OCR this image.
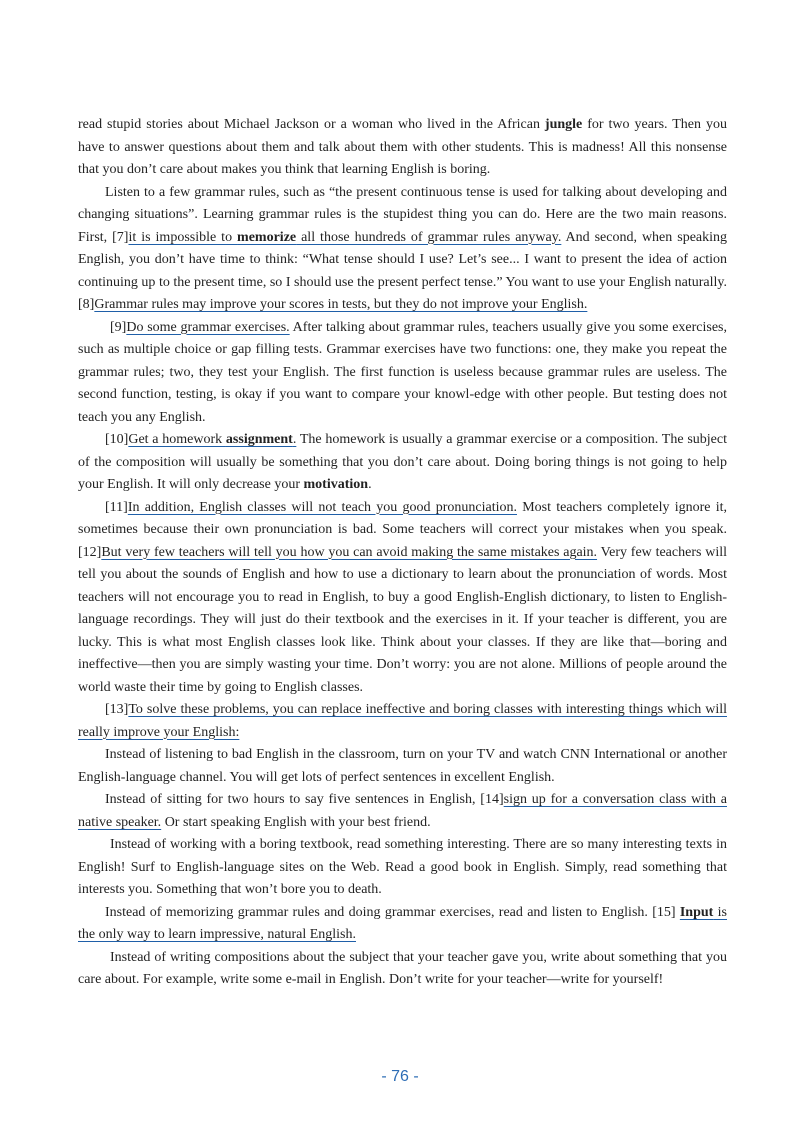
read stupid stories about Michael Jackson or a woman who lived in the African jungle for two years. Then you have to answer questions about them and talk about them with other students. This is madness! All this nonsense that you don’t care about makes you think that learning English is boring.

Listen to a few grammar rules, such as “the present continuous tense is used for talking about developing and changing situations”. Learning grammar rules is the stupidest thing you can do. Here are the two main reasons. First, [7]it is impossible to memorize all those hundreds of grammar rules anyway. And second, when speaking English, you don’t have time to think: “What tense should I use? Let’s see... I want to present the idea of action continuing up to the present time, so I should use the present perfect tense.” You want to use your English naturally. [8]Grammar rules may improve your scores in tests, but they do not improve your English.

[9]Do some grammar exercises. After talking about grammar rules, teachers usually give you some exercises, such as multiple choice or gap filling tests. Grammar exercises have two functions: one, they make you repeat the grammar rules; two, they test your English. The first function is useless because grammar rules are useless. The second function, testing, is okay if you want to compare your knowl-edge with other people. But testing does not teach you any English.

[10]Get a homework assignment. The homework is usually a grammar exercise or a composition. The subject of the composition will usually be something that you don’t care about. Doing boring things is not going to help your English. It will only decrease your motivation.

[11]In addition, English classes will not teach you good pronunciation. Most teachers completely ignore it, sometimes because their own pronunciation is bad. Some teachers will correct your mistakes when you speak. [12]But very few teachers will tell you how you can avoid making the same mistakes again. Very few teachers will tell you about the sounds of English and how to use a dictionary to learn about the pronunciation of words. Most teachers will not encourage you to read in English, to buy a good English-English dictionary, to listen to English-language recordings. They will just do their textbook and the exercises in it. If your teacher is different, you are lucky. This is what most English classes look like. Think about your classes. If they are like that—boring and ineffective—then you are simply wasting your time. Don’t worry: you are not alone. Millions of people around the world waste their time by going to English classes.

[13]To solve these problems, you can replace ineffective and boring classes with interesting things which will really improve your English:

Instead of listening to bad English in the classroom, turn on your TV and watch CNN International or another English-language channel. You will get lots of perfect sentences in excellent English.

Instead of sitting for two hours to say five sentences in English, [14]sign up for a conversation class with a native speaker. Or start speaking English with your best friend.

Instead of working with a boring textbook, read something interesting. There are so many interesting texts in English! Surf to English-language sites on the Web. Read a good book in English. Simply, read something that interests you. Something that won’t bore you to death.

Instead of memorizing grammar rules and doing grammar exercises, read and listen to English. [15] Input is the only way to learn impressive, natural English.

Instead of writing compositions about the subject that your teacher gave you, write about something that you care about. For example, write some e-mail in English. Don’t write for your teacher—write for yourself!

- 76 -
